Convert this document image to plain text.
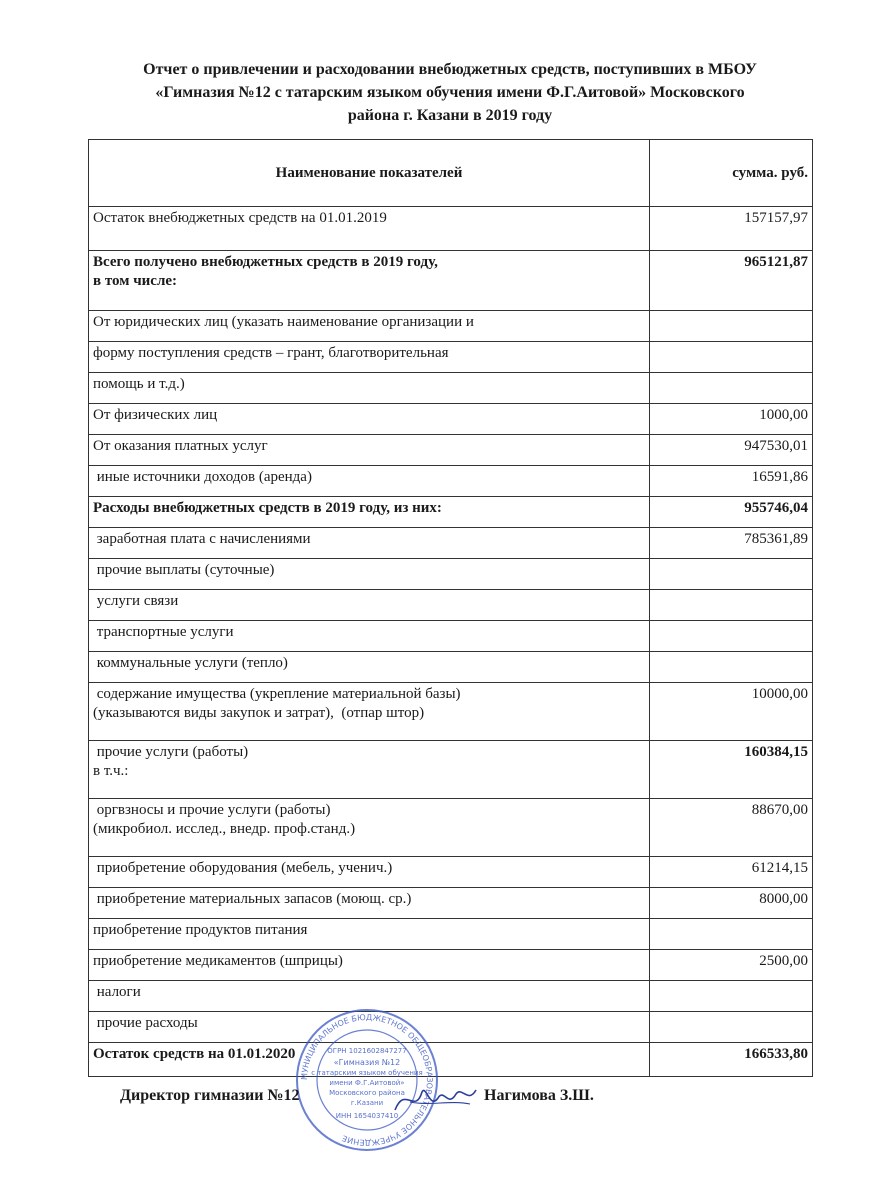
Отчет о привлечении и расходовании внебюджетных средств, поступивших в МБОУ
«Гимназия №12 с татарским языком обучения имени Ф.Г.Аитовой» Московского
района г. Казани в 2019 году
Наименование показателей	сумма. руб.

Остаток внебюджетных средств на 01.01.2019	157157,97

Всего получено внебюджетных средств в 2019 году,
в том числе:	965121,87

От юридических лиц (указать наименование организации и	

форму поступления средств – грант, благотворительная	

помощь и т.д.)	

От физических лиц	1000,00

От оказания платных услуг	947530,01

иные источники доходов (аренда)	16591,86

Расходы внебюджетных средств в 2019 году, из них:	955746,04

заработная плата с начислениями	785361,89

прочие выплаты (суточные)	

услуги связи	

транспортные услуги	

коммунальные услуги (тепло)	

содержание имущества (укрепление материальной базы)
(указываются виды закупок и затрат),  (отпар штор)	10000,00

прочие услуги (работы)
в т.ч.:	160384,15

оргвзносы и прочие услуги (работы)
(микробиол. исслед., внедр. проф.станд.)	88670,00

приобретение оборудования (мебель, ученич.)	61214,15

приобретение материальных запасов (моющ. ср.)	8000,00

приобретение продуктов питания	

приобретение медикаментов (шприцы)	2500,00

налоги	

прочие расходы	

Остаток средств на 01.01.2020	166533,80
МУНИЦИПАЛЬНОЕ БЮДЖЕТНОЕ ОБЩЕОБРАЗОВАТЕЛЬНОЕ УЧРЕЖДЕНИЕ
ОГРН 1021602847277
«Гимназия №12
с татарским языком обучения
имени Ф.Г.Аитовой»
Московского района
г.Казани
ИНН 1654037410
Директор гимназии №12	Нагимова З.Ш.
